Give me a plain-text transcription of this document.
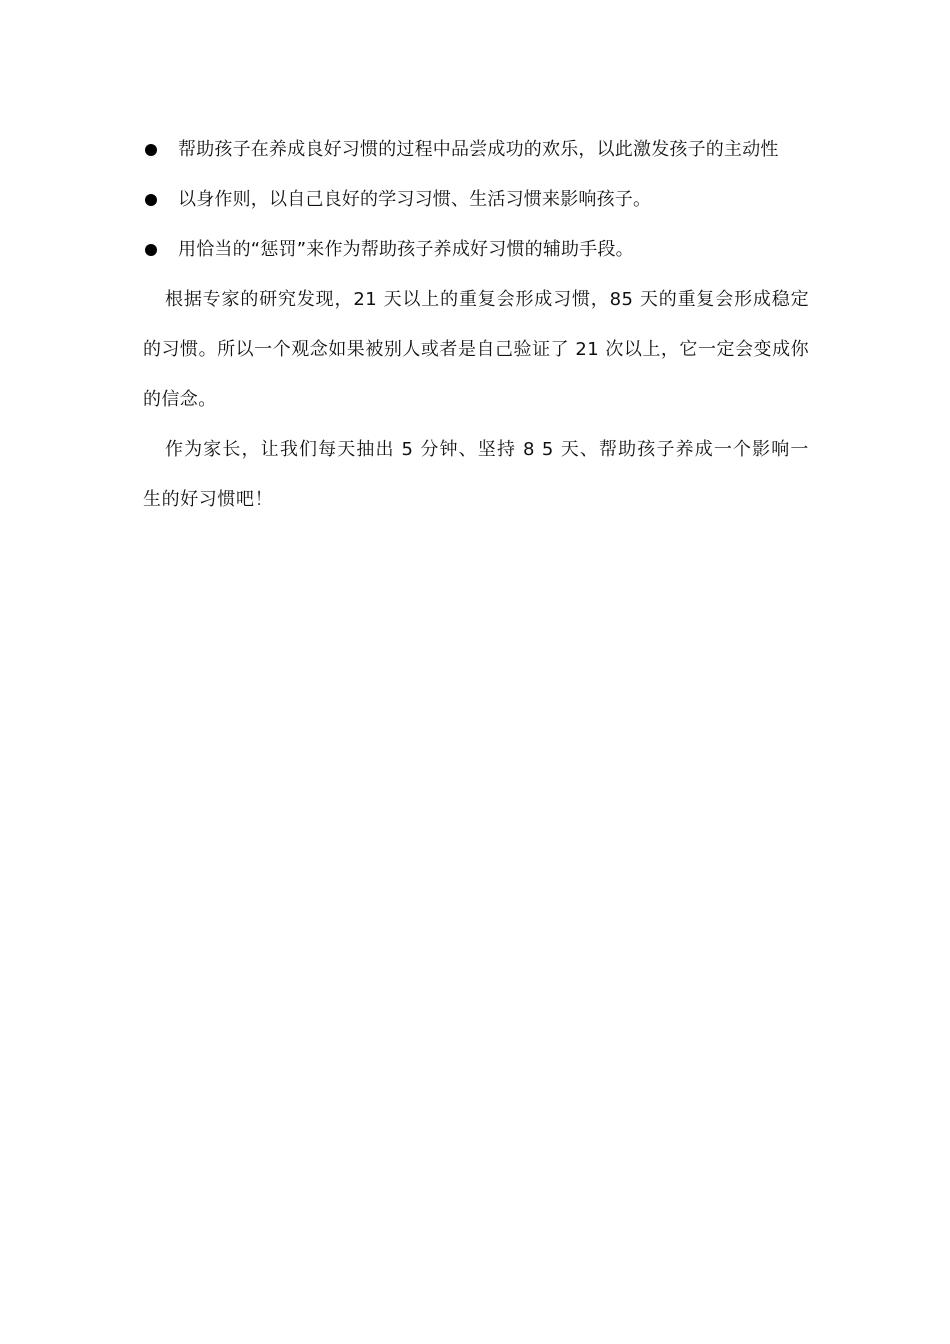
帮助孩子在养成良好习惯的过程中品尝成功的欢乐，以此激发孩子的主动性
以身作则，以自己良好的学习习惯、生活习惯来影响孩子。
用恰当的“惩罚”来作为帮助孩子养成好习惯的辅助手段。

根据专家的研究发现，21 天以上的重复会形成习惯，85 天的重复会形成稳定的习惯。所以一个观念如果被别人或者是自己验证了 21 次以上，它一定会变成你的信念。

作为家长，让我们每天抽出 5 分钟、坚持 8 5 天、帮助孩子养成一个影响一生的好习惯吧！
